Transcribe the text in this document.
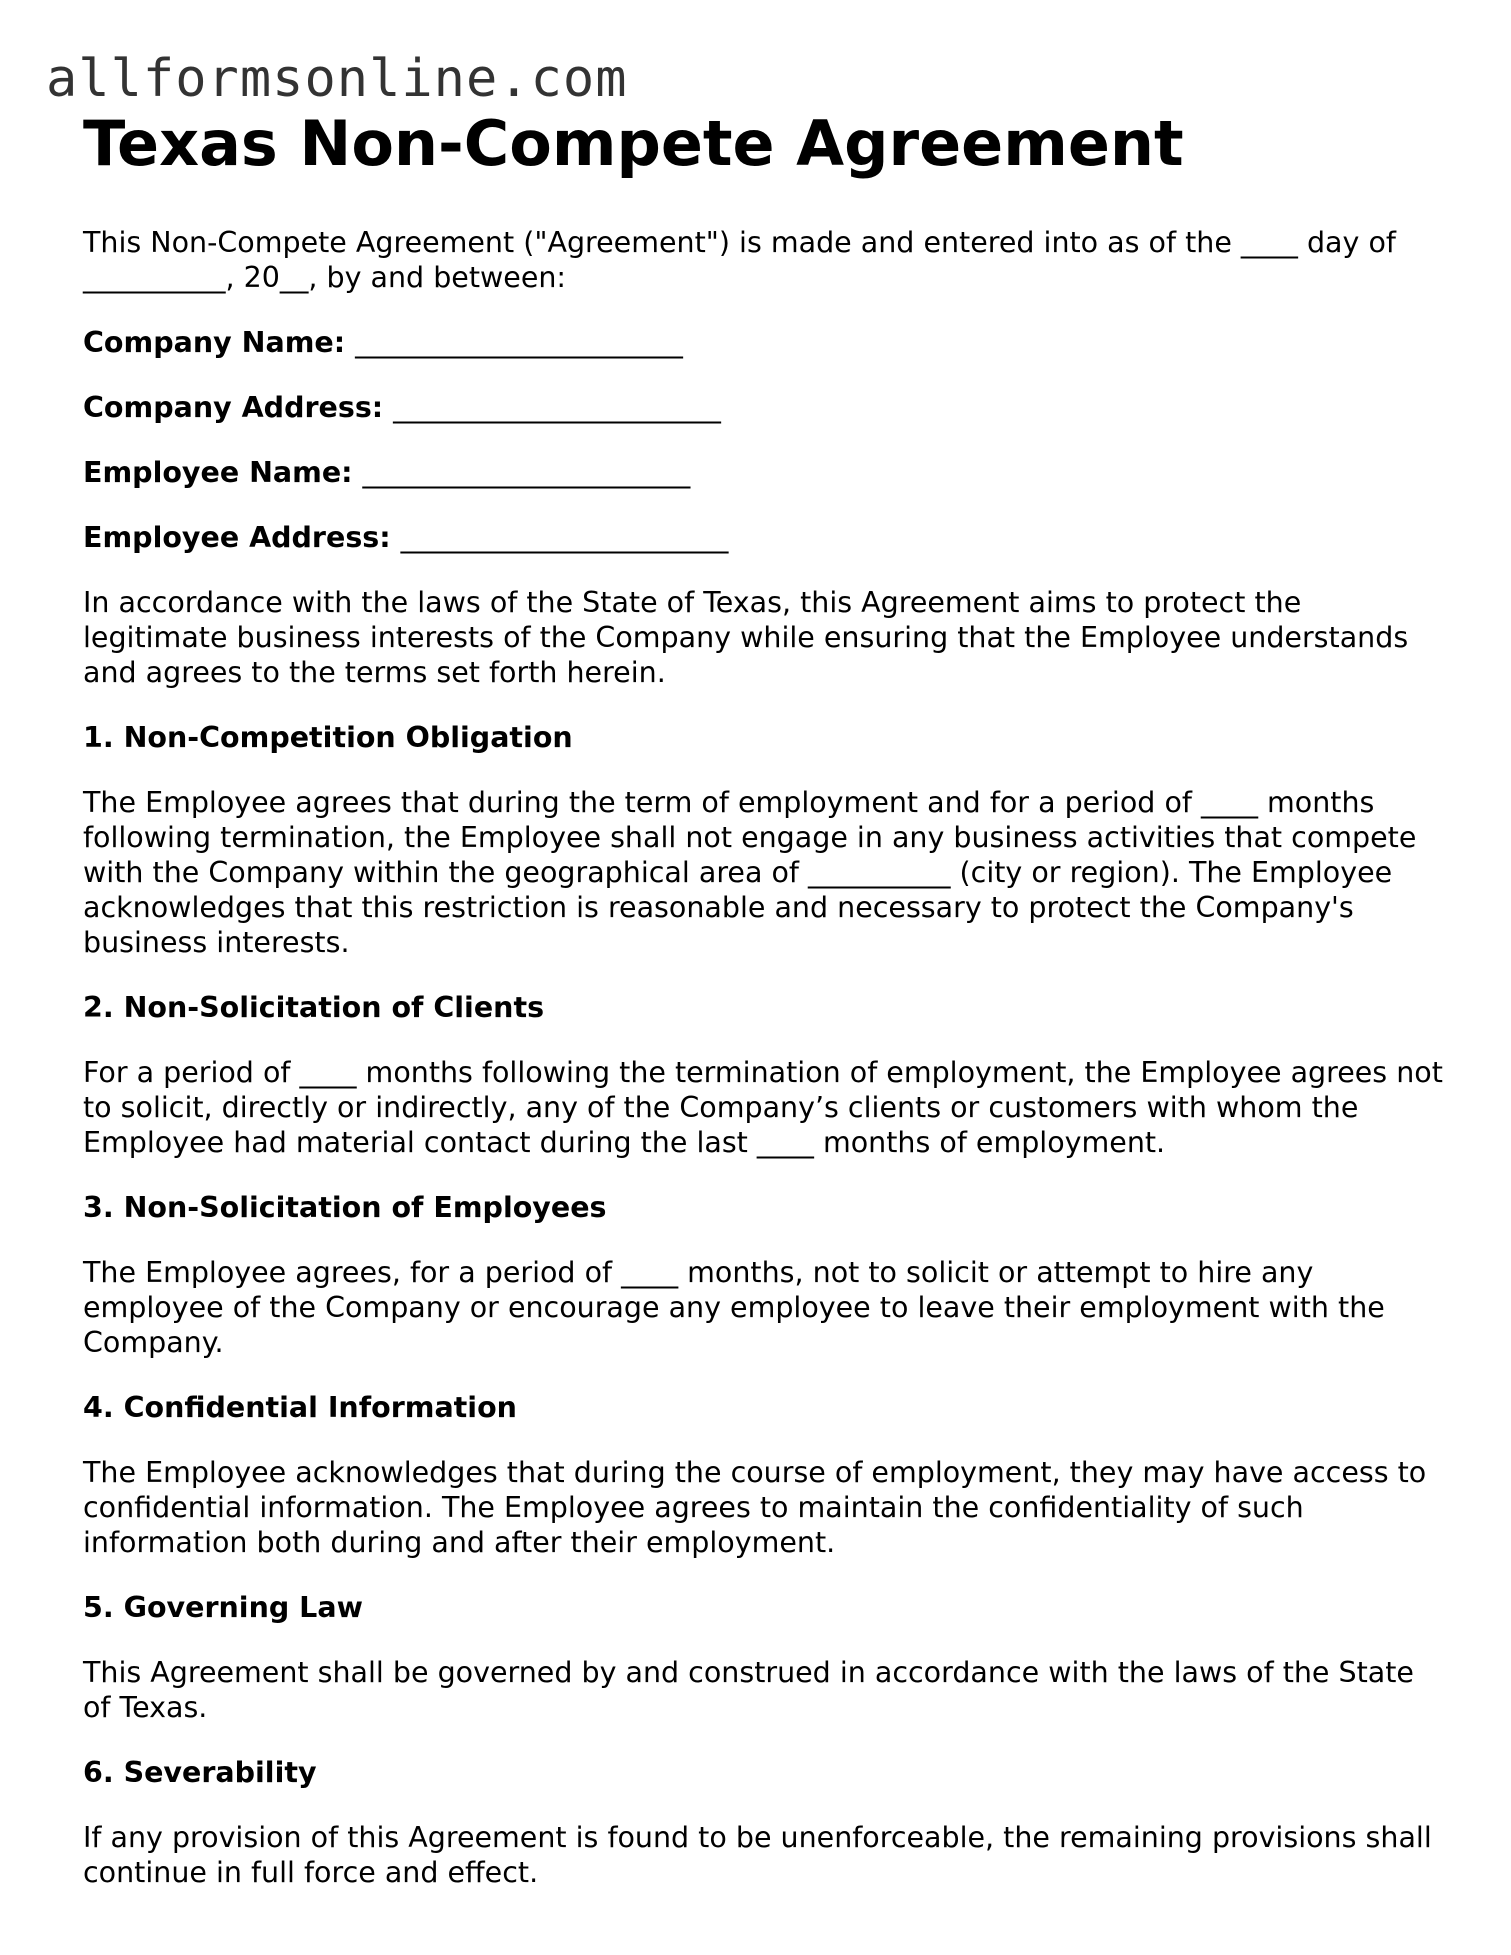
allformsonline.com
Texas Non-Compete Agreement

This Non-Compete Agreement ("Agreement") is made and entered into as of the ____ day of __________, 20__, by and between:

Company Name: _______________________
Company Address: _______________________
Employee Name: _______________________
Employee Address: _______________________

In accordance with the laws of the State of Texas, this Agreement aims to protect the legitimate business interests of the Company while ensuring that the Employee understands and agrees to the terms set forth herein.

1. Non-Competition Obligation

The Employee agrees that during the term of employment and for a period of ____ months following termination, the Employee shall not engage in any business activities that compete with the Company within the geographical area of __________ (city or region). The Employee acknowledges that this restriction is reasonable and necessary to protect the Company's business interests.

2. Non-Solicitation of Clients

For a period of ____ months following the termination of employment, the Employee agrees not to solicit, directly or indirectly, any of the Company’s clients or customers with whom the Employee had material contact during the last ____ months of employment.

3. Non-Solicitation of Employees

The Employee agrees, for a period of ____ months, not to solicit or attempt to hire any employee of the Company or encourage any employee to leave their employment with the Company.

4. Confidential Information

The Employee acknowledges that during the course of employment, they may have access to confidential information. The Employee agrees to maintain the confidentiality of such information both during and after their employment.

5. Governing Law

This Agreement shall be governed by and construed in accordance with the laws of the State of Texas.

6. Severability

If any provision of this Agreement is found to be unenforceable, the remaining provisions shall continue in full force and effect.
